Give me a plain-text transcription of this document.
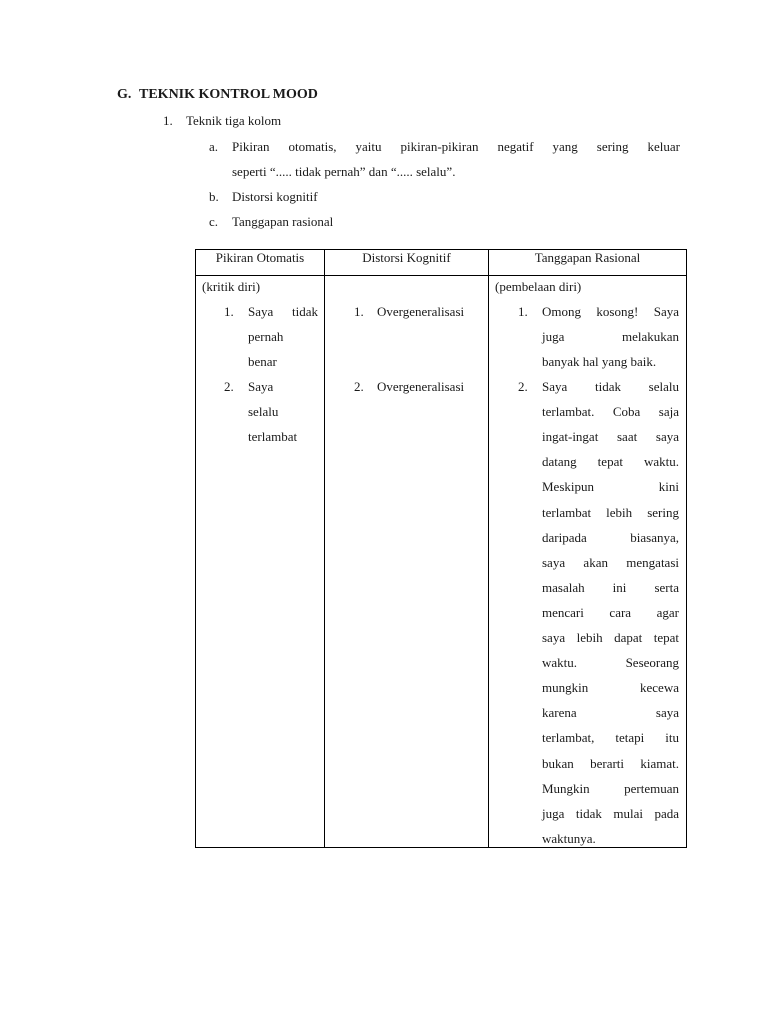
G. TEKNIK KONTROL MOOD
1. Teknik tiga kolom
a. Pikiran otomatis, yaitu pikiran-pikiran negatif yang sering keluar
seperti “..... tidak pernah” dan “..... selalu”.
b. Distorsi kognitif
c. Tanggapan rasional
Pikiran Otomatis	Distorsi Kognitif	Tanggapan Rasional
(kritik diri)
1. Saya tidak
pernah
benar
2. Saya
selalu
terlambat
1. Overgeneralisasi
2. Overgeneralisasi
(pembelaan diri)
1. Omong kosong! Saya
juga melakukan
banyak hal yang baik.
2. Saya tidak selalu
terlambat. Coba saja
ingat-ingat saat saya
datang tepat waktu.
Meskipun kini
terlambat lebih sering
daripada biasanya,
saya akan mengatasi
masalah ini serta
mencari cara agar
saya lebih dapat tepat
waktu. Seseorang
mungkin kecewa
karena saya
terlambat, tetapi itu
bukan berarti kiamat.
Mungkin pertemuan
juga tidak mulai pada
waktunya.
